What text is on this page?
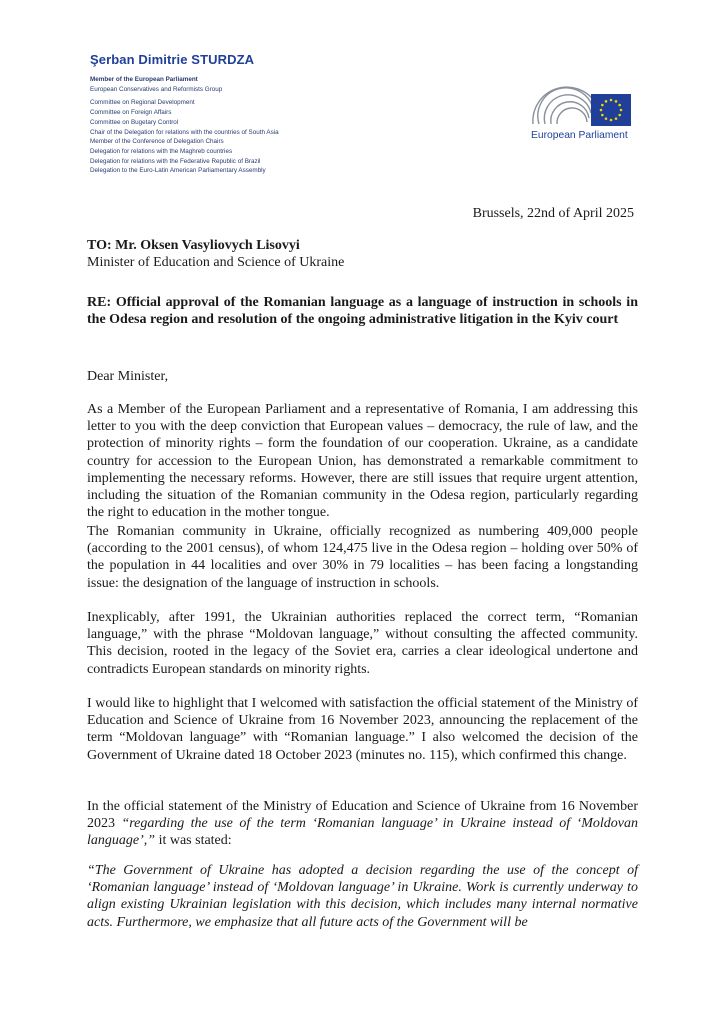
Şerban Dimitrie STURDZA
Member of the European Parliament
European Conservatives and Reformists Group
Committee on Regional Development
Committee on Foreign Affairs
Committee on Bugetary Control
Chair of the Delegation for relations with the countries of South Asia
Member of the Conference of Delegation Chairs
Delegation for relations with the Maghreb countries
Delegation for relations with the Federative Republic of Brazil
Delegation to the Euro-Latin American Parliamentary Assembly
European Parliament
Brussels, 22nd of April 2025
TO: Mr. Oksen Vasyliovych Lisovyi
Minister of Education and Science of Ukraine
RE: Official approval of the Romanian language as a language of instruction in schools in the Odesa region and resolution of the ongoing administrative litigation in the Kyiv court
Dear Minister,
As a Member of the European Parliament and a representative of Romania, I am addressing this letter to you with the deep conviction that European values – democracy, the rule of law, and the protection of minority rights – form the foundation of our cooperation. Ukraine, as a candidate country for accession to the European Union, has demonstrated a remarkable commitment to implementing the necessary reforms. However, there are still issues that require urgent attention, including the situation of the Romanian community in the Odesa region, particularly regarding the right to education in the mother tongue.
The Romanian community in Ukraine, officially recognized as numbering 409,000 people (according to the 2001 census), of whom 124,475 live in the Odesa region – holding over 50% of the population in 44 localities and over 30% in 79 localities – has been facing a longstanding issue: the designation of the language of instruction in schools.
Inexplicably, after 1991, the Ukrainian authorities replaced the correct term, “Romanian language,” with the phrase “Moldovan language,” without consulting the affected community. This decision, rooted in the legacy of the Soviet era, carries a clear ideological undertone and contradicts European standards on minority rights.
I would like to highlight that I welcomed with satisfaction the official statement of the Ministry of Education and Science of Ukraine from 16 November 2023, announcing the replacement of the term “Moldovan language” with “Romanian language.” I also welcomed the decision of the Government of Ukraine dated 18 October 2023 (minutes no. 115), which confirmed this change.
In the official statement of the Ministry of Education and Science of Ukraine from 16 November 2023 “regarding the use of the term ‘Romanian language’ in Ukraine instead of ‘Moldovan language’,” it was stated:
“The Government of Ukraine has adopted a decision regarding the use of the concept of ‘Romanian language’ instead of ‘Moldovan language’ in Ukraine. Work is currently underway to align existing Ukrainian legislation with this decision, which includes many internal normative acts. Furthermore, we emphasize that all future acts of the Government will be
